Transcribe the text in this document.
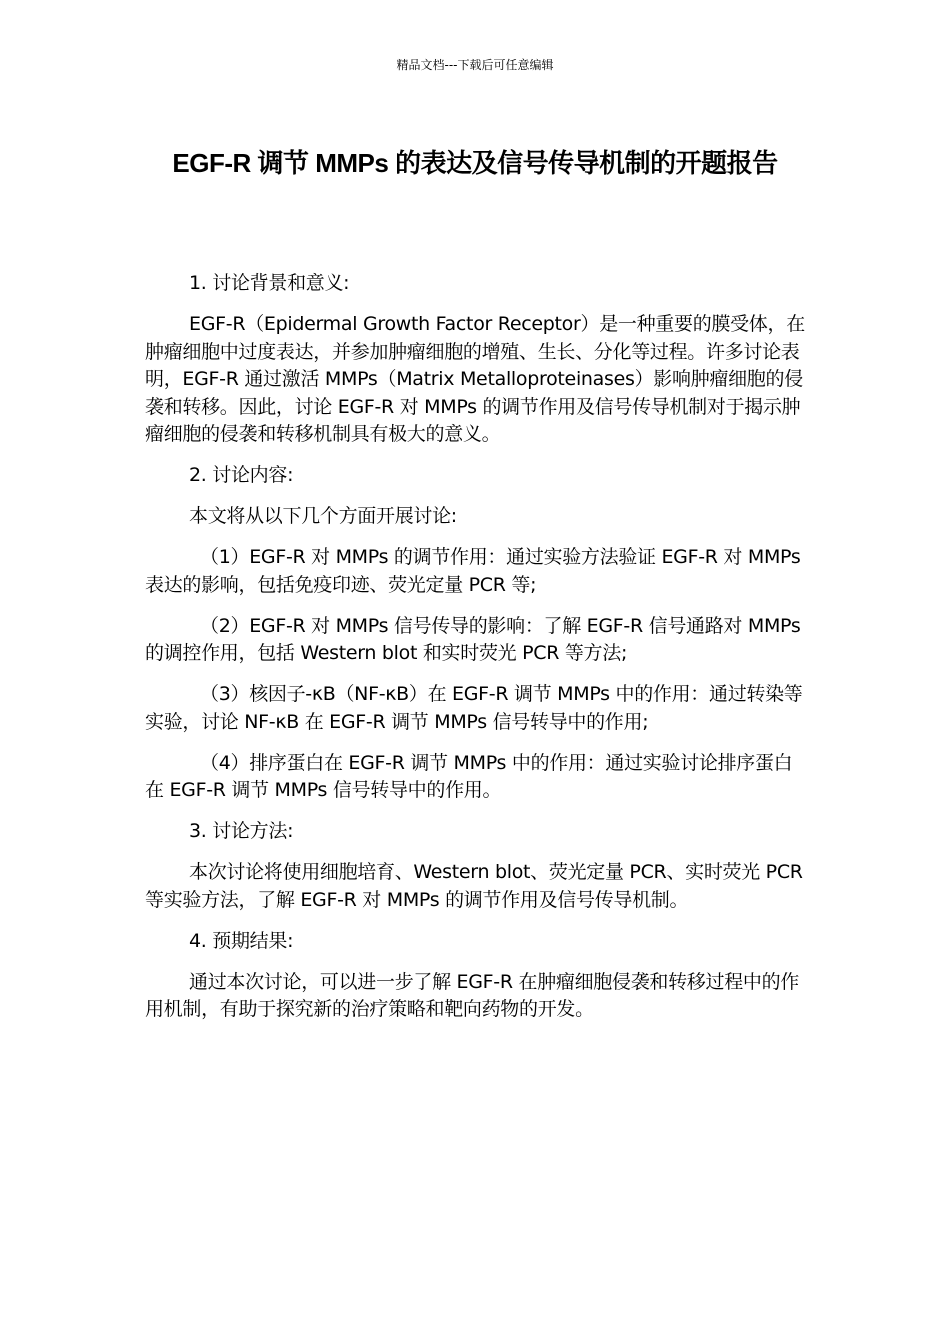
精品文档---下载后可任意编辑
EGF-R 调节 MMPs 的表达及信号传导机制的开题报告

1. 讨论背景和意义:

EGF-R（Epidermal Growth Factor Receptor）是一种重要的膜受体，在肿瘤细胞中过度表达，并参加肿瘤细胞的增殖、生长、分化等过程。许多讨论表明，EGF-R 通过激活 MMPs（Matrix Metalloproteinases）影响肿瘤细胞的侵袭和转移。因此，讨论 EGF-R 对 MMPs 的调节作用及信号传导机制对于揭示肿瘤细胞的侵袭和转移机制具有极大的意义。

2. 讨论内容:

本文将从以下几个方面开展讨论:

（1）EGF-R 对 MMPs 的调节作用：通过实验方法验证 EGF-R 对 MMPs 表达的影响，包括免疫印迹、荧光定量 PCR 等;

（2）EGF-R 对 MMPs 信号传导的影响：了解 EGF-R 信号通路对 MMPs 的调控作用，包括 Western blot 和实时荧光 PCR 等方法;

（3）核因子-κB（NF-κB）在 EGF-R 调节 MMPs 中的作用：通过转染等实验，讨论 NF-κB 在 EGF-R 调节 MMPs 信号转导中的作用;

（4）排序蛋白在 EGF-R 调节 MMPs 中的作用：通过实验讨论排序蛋白在 EGF-R 调节 MMPs 信号转导中的作用。

3. 讨论方法:

本次讨论将使用细胞培育、Western blot、荧光定量 PCR、实时荧光 PCR 等实验方法，了解 EGF-R 对 MMPs 的调节作用及信号传导机制。

4. 预期结果:

通过本次讨论，可以进一步了解 EGF-R 在肿瘤细胞侵袭和转移过程中的作用机制，有助于探究新的治疗策略和靶向药物的开发。
